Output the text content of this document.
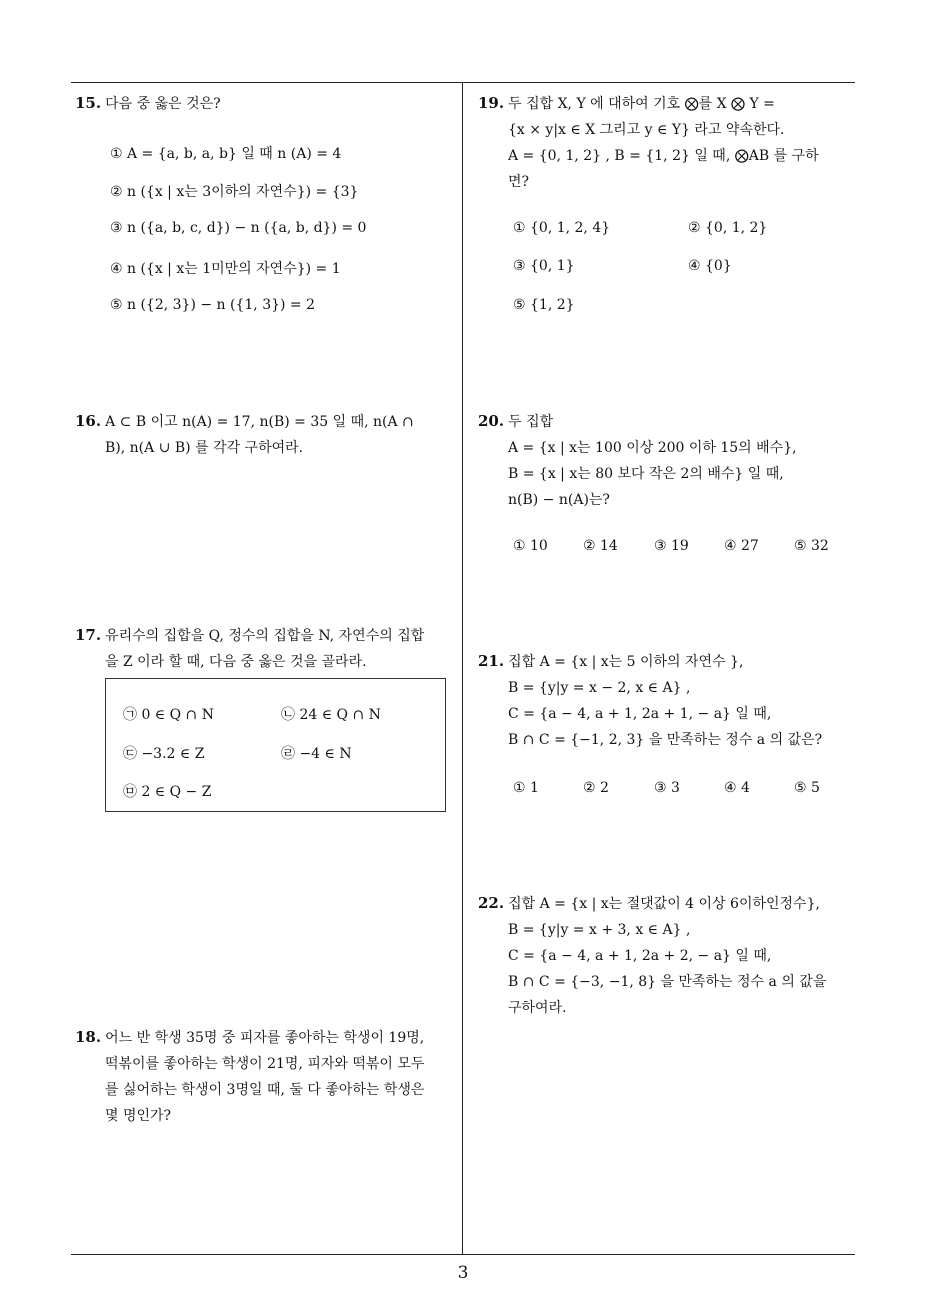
15. 다음 중 옳은 것은?
① A = {a, b, a, b} 일 때 n (A) = 4
② n ({x | x는 3이하의 자연수}) = {3}
③ n ({a, b, c, d}) − n ({a, b, d}) = 0
④ n ({x | x는 1미만의 자연수}) = 1
⑤ n ({2, 3}) − n ({1, 3}) = 2
16. A ⊂ B 이고 n(A) = 17, n(B) = 35 일 때, n(A ∩
B), n(A ∪ B) 를 각각 구하여라.
17. 유리수의 집합을 Q, 정수의 집합을 N, 자연수의 집합
을 Z 이라 할 때, 다음 중 옳은 것을 골라라.
㉠ 0 ∈ Q ∩ N	㉡ 24 ∈ Q ∩ N
㉢ −3.2 ∈ Z	㉣ −4 ∈ N
㉤ 2 ∈ Q − Z
18. 어느 반 학생 35명 중 피자를 좋아하는 학생이 19명,
떡볶이를 좋아하는 학생이 21명, 피자와 떡볶이 모두
를 싫어하는 학생이 3명일 때, 둘 다 좋아하는 학생은
몇 명인가?
19. 두 집합 X, Y 에 대하여 기호 ⨂를 X ⨂ Y =
{x × y|x ∈ X 그리고 y ∈ Y} 라고 약속한다.
A = {0, 1, 2} , B = {1, 2} 일 때, ⨂AB 를 구하
면?
① {0, 1, 2, 4}	② {0, 1, 2}
③ {0, 1}	④ {0}
⑤ {1, 2}
20. 두 집합
A = {x | x는 100 이상 200 이하 15의 배수},
B = {x | x는 80 보다 작은 2의 배수} 일 때,
n(B) − n(A)는?
① 10	② 14	③ 19	④ 27	⑤ 32
21. 집합 A = {x | x는 5 이하의 자연수 },
B = {y|y = x − 2, x ∈ A} ,
C = {a − 4, a + 1, 2a + 1, − a} 일 때,
B ∩ C = {−1, 2, 3} 을 만족하는 정수 a 의 값은?
① 1	② 2	③ 3	④ 4	⑤ 5
22. 집합 A = {x | x는 절댓값이 4 이상 6이하인정수},
B = {y|y = x + 3, x ∈ A} ,
C = {a − 4, a + 1, 2a + 2, − a} 일 때,
B ∩ C = {−3, −1, 8} 을 만족하는 정수 a 의 값을
구하여라.
3
